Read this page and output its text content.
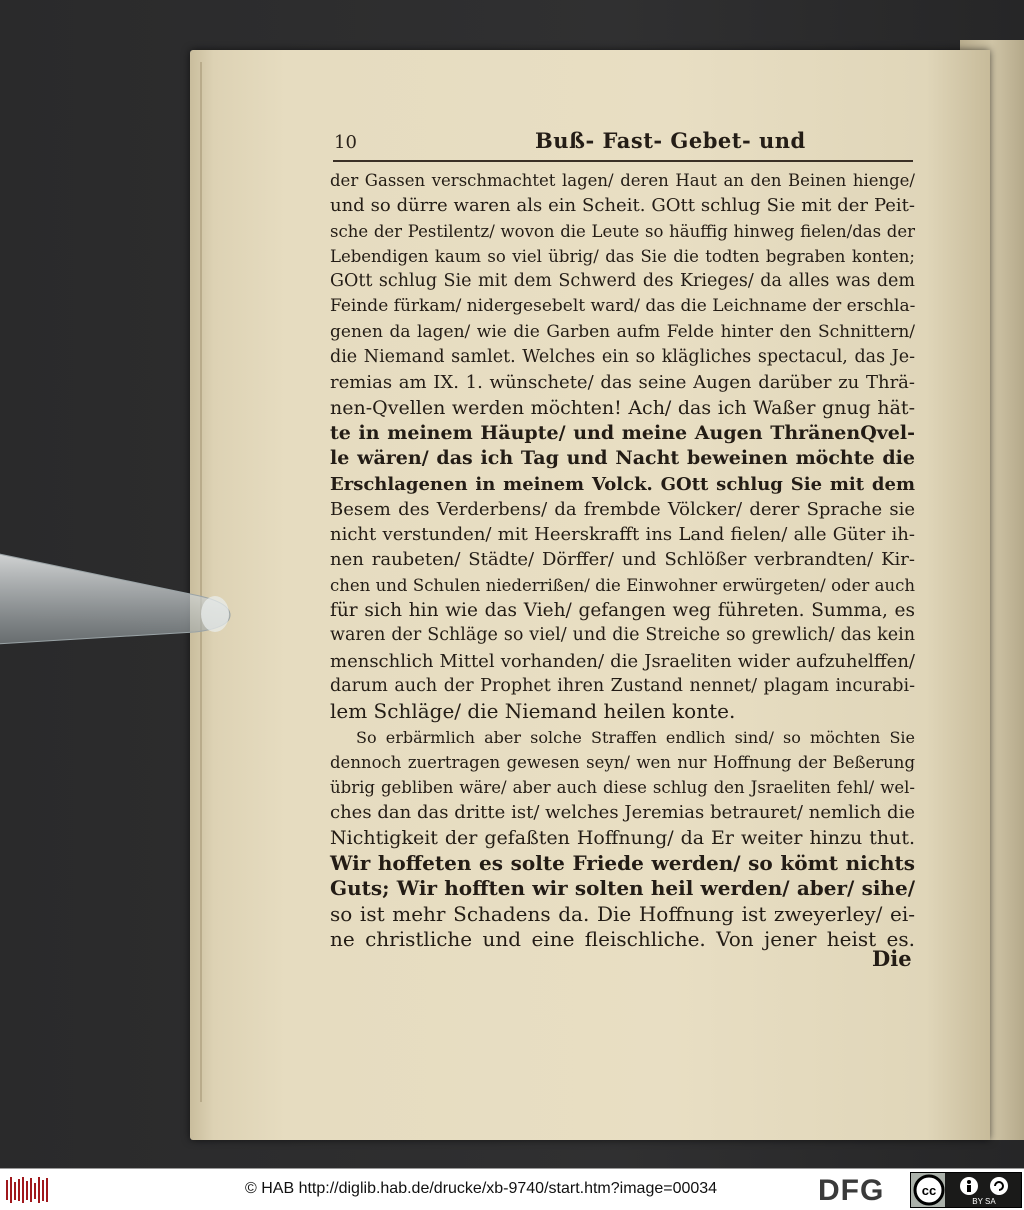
10	Buß- Fast- Gebet- und
der Gassen verschmachtet lagen/ deren Haut an den Beinen hienge/
und so dürre waren als ein Scheit. GOtt schlug Sie mit der Peit-
sche der Pestilentz/ wovon die Leute so häuffig hinweg fielen/das der
Lebendigen kaum so viel übrig/ das Sie die todten begraben konten;
GOtt schlug Sie mit dem Schwerd des Krieges/ da alles was dem
Feinde fürkam/ nidergesebelt ward/ das die Leichname der erschla-
genen da lagen/ wie die Garben aufm Felde hinter den Schnittern/
die Niemand samlet. Welches ein so klägliches spectacul, das Je-
remias am IX. 1. wünschete/ das seine Augen darüber zu Thrä-
nen-Qvellen werden möchten! Ach/ das ich Waßer gnug hät-
te in meinem Häupte/ und meine Augen ThränenQvel-
le wären/ das ich Tag und Nacht beweinen möchte die
Erschlagenen in meinem Volck. GOtt schlug Sie mit dem
Besem des Verderbens/ da frembde Völcker/ derer Sprache sie
nicht verstunden/ mit Heerskrafft ins Land fielen/ alle Güter ih-
nen raubeten/ Städte/ Dörffer/ und Schlößer verbrandten/ Kir-
chen und Schulen niederrißen/ die Einwohner erwürgeten/ oder auch
für sich hin wie das Vieh/ gefangen weg führeten. Summa, es
waren der Schläge so viel/ und die Streiche so grewlich/ das kein
menschlich Mittel vorhanden/ die Jsraeliten wider aufzuhelffen/
darum auch der Prophet ihren Zustand nennet/ plagam incurabi-
lem Schläge/ die Niemand heilen konte.
So erbärmlich aber solche Straffen endlich sind/ so möchten Sie
dennoch zuertragen gewesen seyn/ wen nur Hoffnung der Beßerung
übrig gebliben wäre/ aber auch diese schlug den Jsraeliten fehl/ wel-
ches dan das dritte ist/ welches Jeremias betrauret/ nemlich die
Nichtigkeit der gefaßten Hoffnung/ da Er weiter hinzu thut.
Wir hoffeten es solte Friede werden/ so kömt nichts
Guts; Wir hofften wir solten heil werden/ aber/ sihe/
so ist mehr Schadens da. Die Hoffnung ist zweyerley/ ei-
ne christliche und eine fleischliche. Von jener heist es.
Die
© HAB http://diglib.hab.de/drucke/xb-9740/start.htm?image=00034	DFG	cc
BY SA
